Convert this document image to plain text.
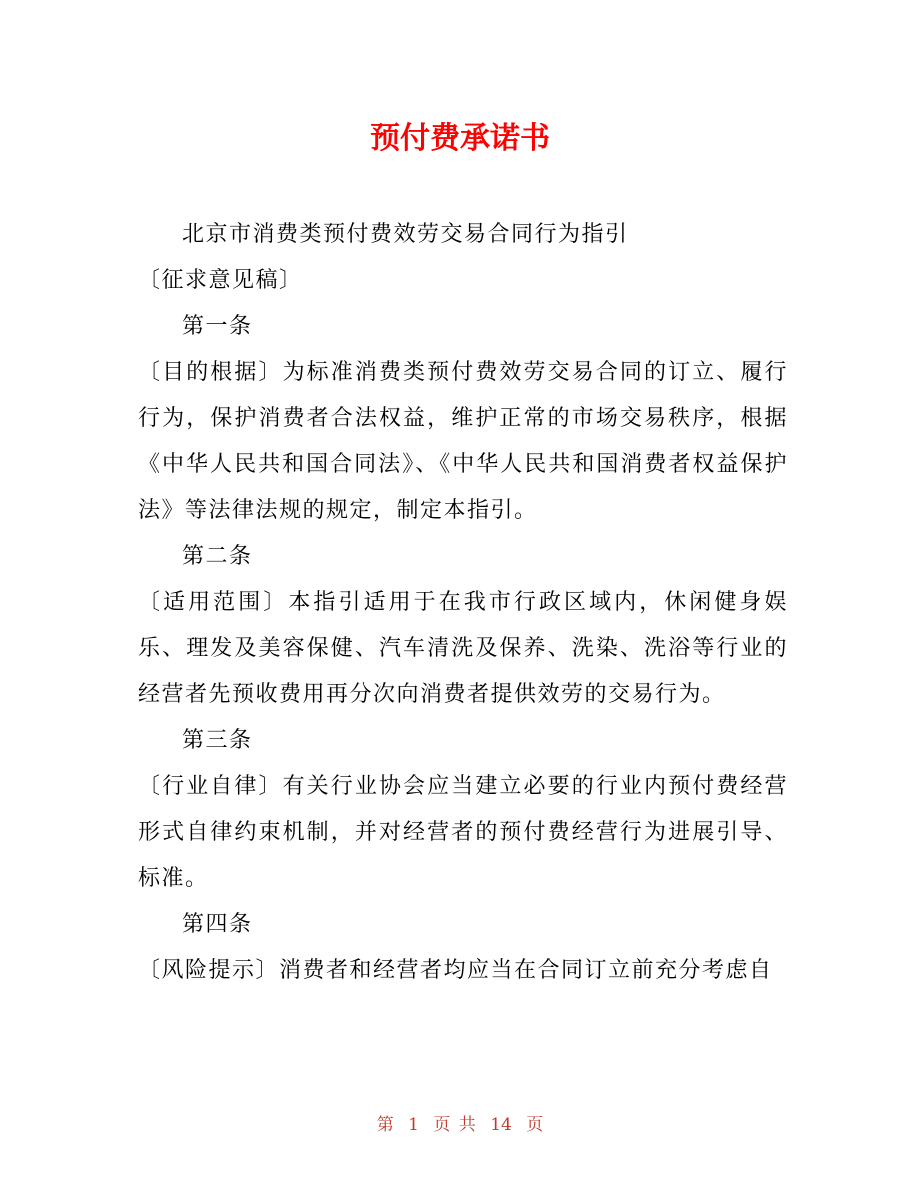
预付费承诺书

北京市消费类预付费效劳交易合同行为指引

〔征求意见稿〕

第一条

〔目的根据〕为标准消费类预付费效劳交易合同的订立、履行行为，保护消费者合法权益，维护正常的市场交易秩序，根据《中华人民共和国合同法》、《中华人民共和国消费者权益保护法》等法律法规的规定，制定本指引。

第二条

〔适用范围〕本指引适用于在我市行政区域内，休闲健身娱乐、理发及美容保健、汽车清洗及保养、洗染、洗浴等行业的经营者先预收费用再分次向消费者提供效劳的交易行为。

第三条

〔行业自律〕有关行业协会应当建立必要的行业内预付费经营形式自律约束机制，并对经营者的预付费经营行为进展引导、标准。

第四条

〔风险提示〕消费者和经营者均应当在合同订立前充分考虑自

第 1 页 共 14 页
